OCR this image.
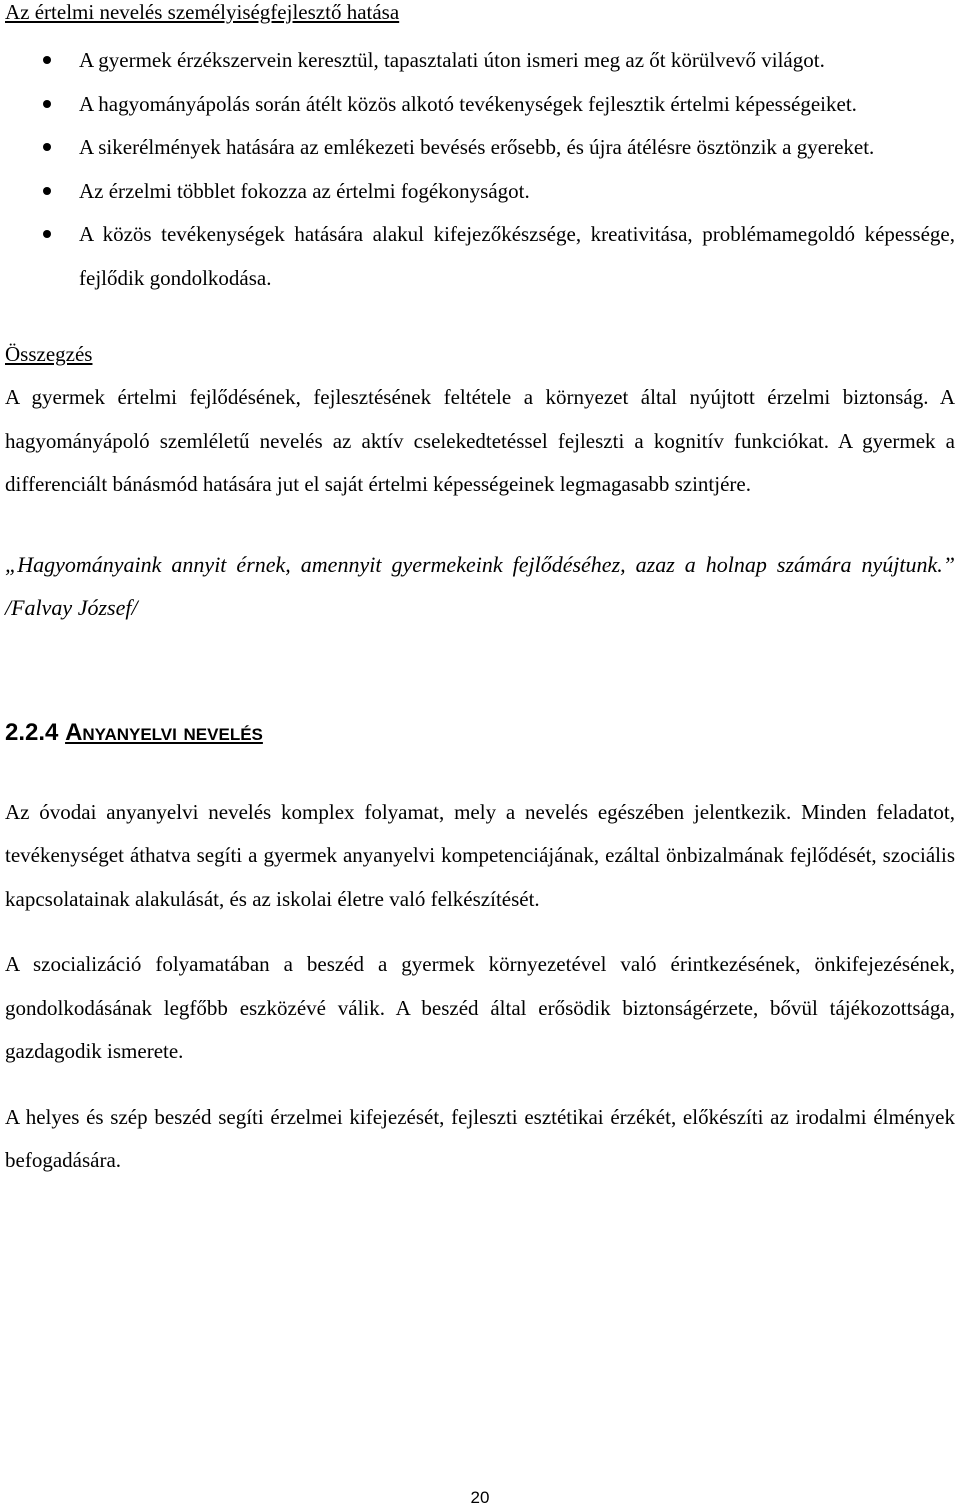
Az értelmi nevelés személyiségfejlesztő hatása
A gyermek érzékszervein keresztül, tapasztalati úton ismeri meg az őt körülvevő világot.
A hagyományápolás során átélt közös alkotó tevékenységek fejlesztik értelmi képességeiket.
A sikerélmények hatására az emlékezeti bevésés erősebb, és újra átélésre ösztönzik a gyereket.
Az érzelmi többlet fokozza az értelmi fogékonyságot.
A közös tevékenységek hatására alakul kifejezőkészsége, kreativitása, problémamegoldó képessége, fejlődik gondolkodása.
Összegzés

A gyermek értelmi fejlődésének, fejlesztésének feltétele a környezet által nyújtott érzelmi biztonság. A hagyományápoló szemléletű nevelés az aktív cselekedtetéssel fejleszti a kognitív funkciókat. A gyermek a differenciált bánásmód hatására jut el saját értelmi képességeinek legmagasabb szintjére.

„Hagyományaink annyit érnek, amennyit gyermekeink fejlődéséhez, azaz a holnap számára nyújtunk.” /Falvay József/

2.2.4 Anyanyelvi nevelés

Az óvodai anyanyelvi nevelés komplex folyamat, mely a nevelés egészében jelentkezik. Minden feladatot, tevékenységet áthatva segíti a gyermek anyanyelvi kompetenciájának, ezáltal önbizalmának fejlődését, szociális kapcsolatainak alakulását, és az iskolai életre való felkészítését.

A szocializáció folyamatában a beszéd a gyermek környezetével való érintkezésének, önkifejezésének, gondolkodásának legfőbb eszközévé válik. A beszéd által erősödik biztonságérzete, bővül tájékozottsága, gazdagodik ismerete.

A helyes és szép beszéd segíti érzelmei kifejezését, fejleszti esztétikai érzékét, előkészíti az irodalmi élmények befogadására.

20
